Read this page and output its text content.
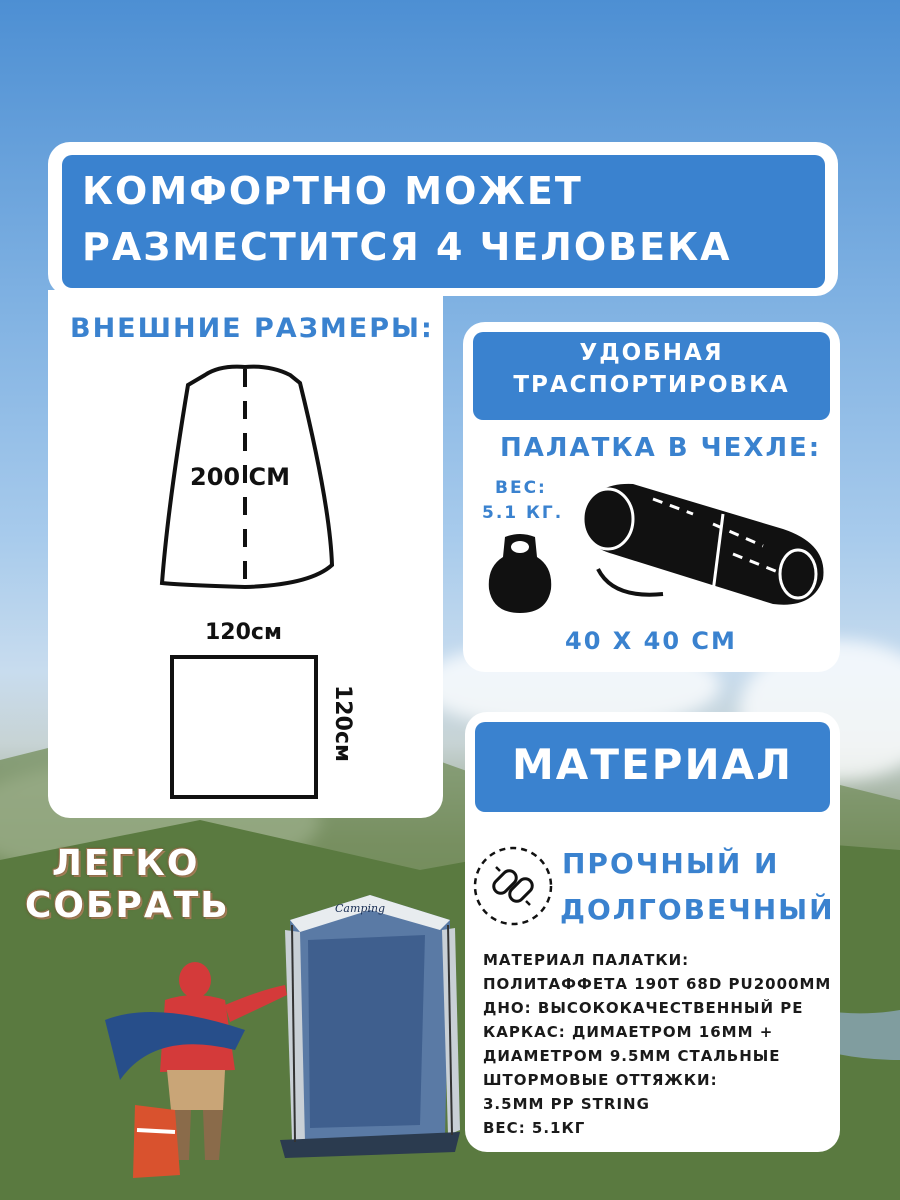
КОМФОРТНО МОЖЕТ
РАЗМЕСТИТСЯ 4 ЧЕЛОВЕКА
ВНЕШНИЕ РАЗМЕРЫ:
200 СМ
120см
120см
УДОБНАЯ
ТРАСПОРТИРОВКА
ПАЛАТКА В ЧЕХЛЕ:
ВЕС:
5.1 КГ.
40 Х 40 СМ
МАТЕРИАЛ
ПРОЧНЫЙ И
ДОЛГОВЕЧНЫЙ
МАТЕРИАЛ ПАЛАТКИ:
ПОЛИТАФФЕТА 190T 68D PU2000MM
ДНО: ВЫСОКОКАЧЕСТВЕННЫЙ PE
КАРКАС: ДИМАЕТРОМ 16ММ +
ДИАМЕТРОМ 9.5ММ СТАЛЬНЫЕ
ШТОРМОВЫЕ ОТТЯЖКИ:
3.5MM PP STRING
ВЕС: 5.1КГ
ЛЕГКО
СОБРАТЬ	Camping
